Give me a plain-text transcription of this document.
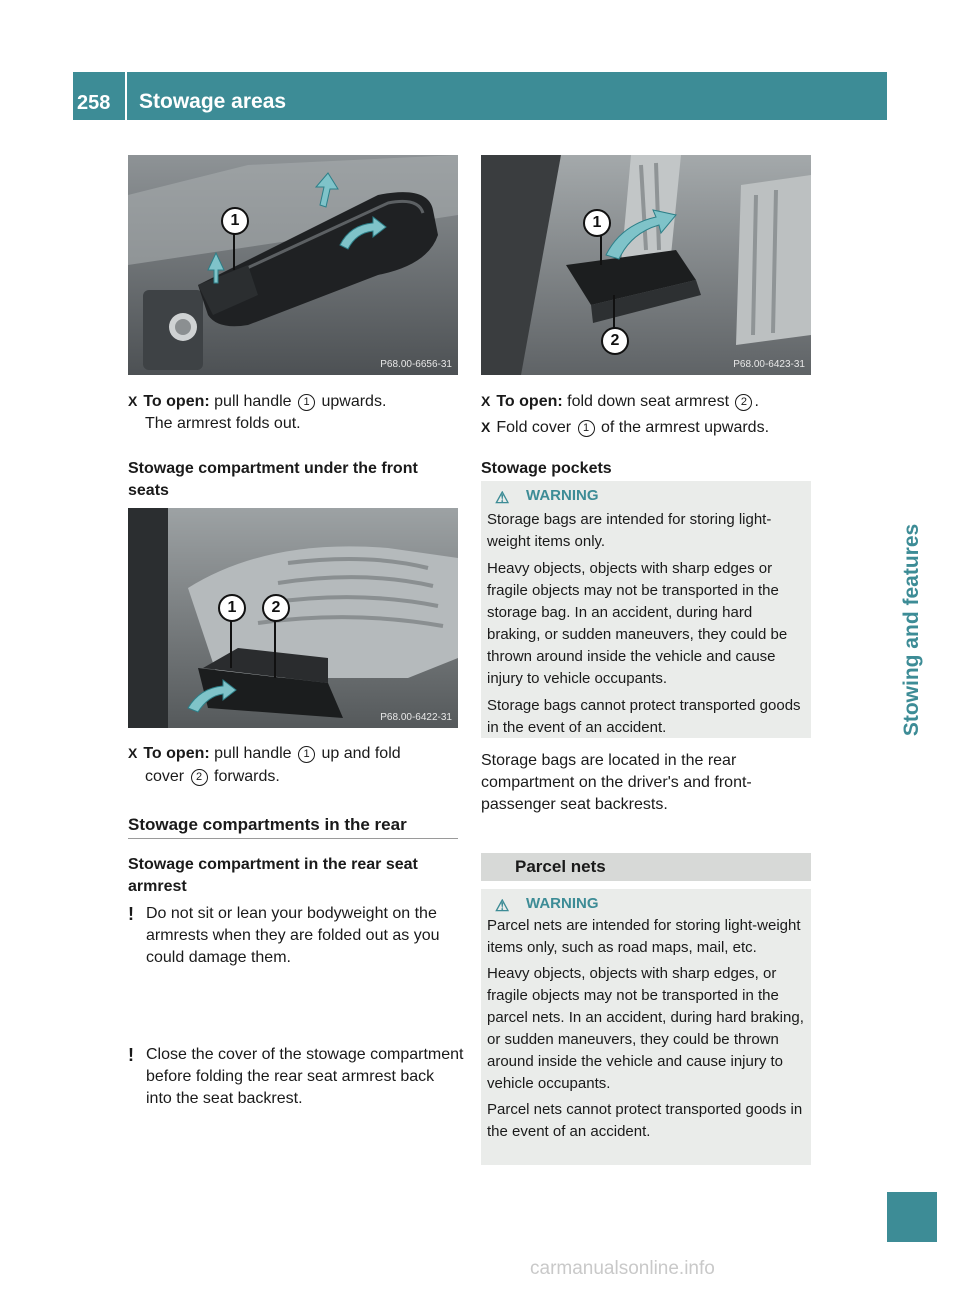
258	Stowage areas
Stowing and features
1
P68.00-6656-31
1	2
P68.00-6422-31
1
2
P68.00-6423-31
X To open: pull handle 1 upwards.
The armrest folds out.
Stowage compartment under the front seats
X To open: pull handle 1 up and fold
cover 2 forwards.
Stowage compartments in the rear
Stowage compartment in the rear seat armrest
! Do not sit or lean your bodyweight on the armrests when they are folded out as you could damage them.
! Close the cover of the stowage compartment before folding the rear seat armrest back into the seat backrest.
X To open: fold down seat armrest 2 .
X Fold cover 1 of the armrest upwards.
Stowage pockets
⚠ WARNING

Storage bags are intended for storing light-weight items only.

Heavy objects, objects with sharp edges or fragile objects may not be transported in the storage bag. In an accident, during hard braking, or sudden maneuvers, they could be thrown around inside the vehicle and cause injury to vehicle occupants.

Storage bags cannot protect transported goods in the event of an accident.

Storage bags are located in the rear compartment on the driver's and front-passenger seat backrests.
Parcel nets
⚠ WARNING

Parcel nets are intended for storing light-weight items only, such as road maps, mail, etc.

Heavy objects, objects with sharp edges, or fragile objects may not be transported in the parcel nets. In an accident, during hard braking, or sudden maneuvers, they could be thrown around inside the vehicle and cause injury to vehicle occupants.

Parcel nets cannot protect transported goods in the event of an accident.

carmanualsonline.info
